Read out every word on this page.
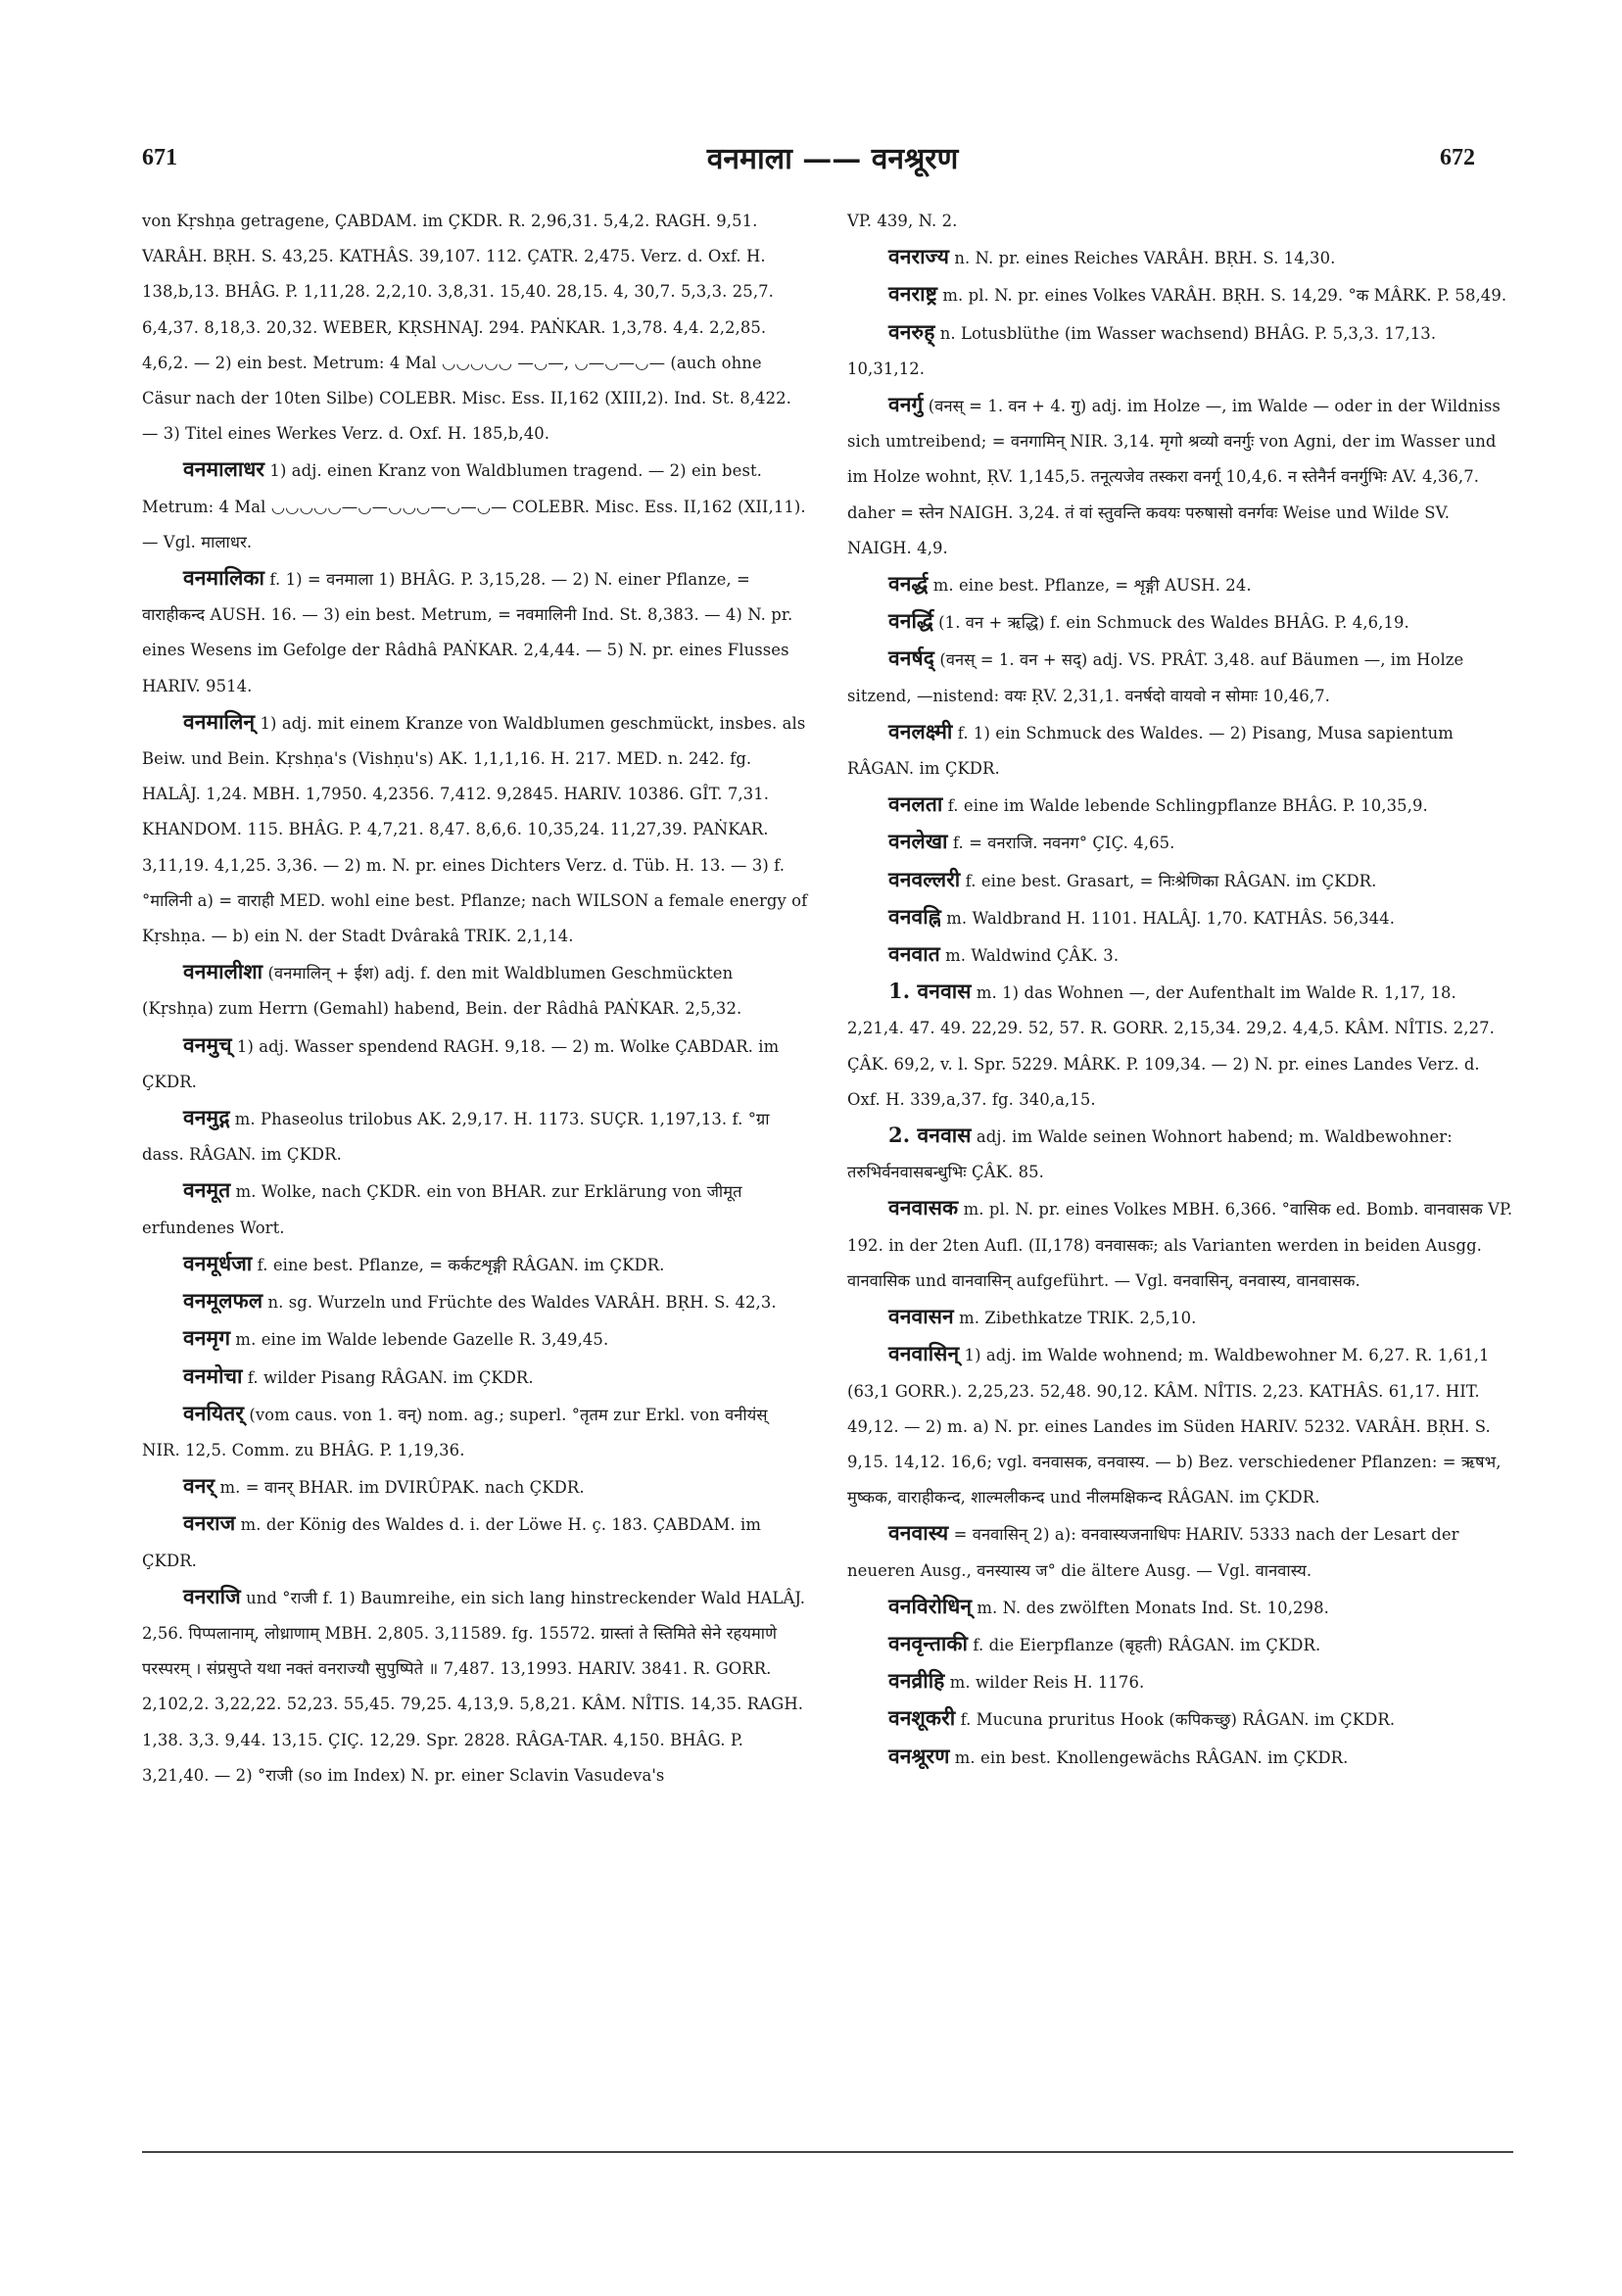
671	वनमाला —— वनश्रूरण	672

von Kṛshṇa getragene, ÇABDAM. im ÇKDR. R. 2,96,31. 5,4,2. RAGH. 9,51. VARÂH. BṚH. S. 43,25. KATHÂS. 39,107. 112. ÇATR. 2,475. Verz. d. Oxf. H. 138,b,13. BHÂG. P. 1,11,28. 2,2,10. 3,8,31. 15,40. 28,15. 4, 30,7. 5,3,3. 25,7. 6,4,37. 8,18,3. 20,32. WEBER, KṚSHNAJ. 294. PAṄKAR. 1,3,78. 4,4. 2,2,85. 4,6,2. — 2) ein best. Metrum: 4 Mal ◡◡◡◡◡ —◡—, ◡—◡—◡— (auch ohne Cäsur nach der 10ten Silbe) COLEBR. Misc. Ess. II,162 (XIII,2). Ind. St. 8,422. — 3) Titel eines Werkes Verz. d. Oxf. H. 185,b,40.

वनमालाधर 1) adj. einen Kranz von Waldblumen tragend. — 2) ein best. Metrum: 4 Mal ◡◡◡◡◡—◡—◡◡◡—◡—◡— COLEBR. Misc. Ess. II,162 (XII,11). — Vgl. मालाधर.

वनमालिका f. 1) = वनमाला 1) BHÂG. P. 3,15,28. — 2) N. einer Pflanze, = वाराहीकन्द AUSH. 16. — 3) ein best. Metrum, = नवमालिनी Ind. St. 8,383. — 4) N. pr. eines Wesens im Gefolge der Râdhâ PAṄKAR. 2,4,44. — 5) N. pr. eines Flusses HARIV. 9514.

वनमालिन् 1) adj. mit einem Kranze von Waldblumen geschmückt, insbes. als Beiw. und Bein. Kṛshṇa's (Vishṇu's) AK. 1,1,1,16. H. 217. MED. n. 242. fg. HALÂJ. 1,24. MBH. 1,7950. 4,2356. 7,412. 9,2845. HARIV. 10386. GÎT. 7,31. KHANDOM. 115. BHÂG. P. 4,7,21. 8,47. 8,6,6. 10,35,24. 11,27,39. PAṄKAR. 3,11,19. 4,1,25. 3,36. — 2) m. N. pr. eines Dichters Verz. d. Tüb. H. 13. — 3) f. °मालिनी a) = वाराही MED. wohl eine best. Pflanze; nach WILSON a female energy of Kṛshṇa. — b) ein N. der Stadt Dvârakâ TRIK. 2,1,14.

वनमालीशा (वनमालिन् + ईश) adj. f. den mit Waldblumen Geschmückten (Kṛshṇa) zum Herrn (Gemahl) habend, Bein. der Râdhâ PAṄKAR. 2,5,32.

वनमुच् 1) adj. Wasser spendend RAGH. 9,18. — 2) m. Wolke ÇABDAR. im ÇKDR.

वनमुद्ग m. Phaseolus trilobus AK. 2,9,17. H. 1173. SUÇR. 1,197,13. f. °ग्रा dass. RÂGAN. im ÇKDR.

वनमूत m. Wolke, nach ÇKDR. ein von BHAR. zur Erklärung von जीमूत erfundenes Wort.

वनमूर्धजा f. eine best. Pflanze, = कर्कटशृङ्गी RÂGAN. im ÇKDR.

वनमूलफल n. sg. Wurzeln und Früchte des Waldes VARÂH. BṚH. S. 42,3.

वनमृग m. eine im Walde lebende Gazelle R. 3,49,45.

वनमोचा f. wilder Pisang RÂGAN. im ÇKDR.

वनयितर् (vom caus. von 1. वन्) nom. ag.; superl. °तृतम zur Erkl. von वनीयंस् NIR. 12,5. Comm. zu BHÂG. P. 1,19,36.

वनर् m. = वानर् BHAR. im DVIRÛPAK. nach ÇKDR.

वनराज m. der König des Waldes d. i. der Löwe H. ç. 183. ÇABDAM. im ÇKDR.

वनराजि und °राजी f. 1) Baumreihe, ein sich lang hinstreckender Wald HALÂJ. 2,56. पिप्पलानाम्, लोध्राणाम् MBH. 2,805. 3,11589. fg. 15572. ग्रास्तां ते स्तिमिते सेने रहयमाणे परस्परम् । संप्रसुप्ते यथा नक्तं वनराज्यौ सुपुष्पिते ॥ 7,487. 13,1993. HARIV. 3841. R. GORR. 2,102,2. 3,22,22. 52,23. 55,45. 79,25. 4,13,9. 5,8,21. KÂM. NÎTIS. 14,35. RAGH. 1,38. 3,3. 9,44. 13,15. ÇIÇ. 12,29. Spr. 2828. RÂGA-TAR. 4,150. BHÂG. P. 3,21,40. — 2) °राजी (so im Index) N. pr. einer Sclavin Vasudeva's

VP. 439, N. 2.

वनराज्य n. N. pr. eines Reiches VARÂH. BṚH. S. 14,30.

वनराष्ट्र m. pl. N. pr. eines Volkes VARÂH. BṚH. S. 14,29. °क MÂRK. P. 58,49.

वनरुह् n. Lotusblüthe (im Wasser wachsend) BHÂG. P. 5,3,3. 17,13. 10,31,12.

वनर्गु (वनस् = 1. वन + 4. गु) adj. im Holze —, im Walde — oder in der Wildniss sich umtreibend; = वनगामिन् NIR. 3,14. मृगो श्रव्यो वनर्गुः von Agni, der im Wasser und im Holze wohnt, ṚV. 1,145,5. तनूत्यजेव तस्करा वनर्गू 10,4,6. न स्तेनैर्न वनर्गुभिः AV. 4,36,7. daher = स्तेन NAIGH. 3,24. तं वां स्तुवन्ति कवयः परुषासो वनर्गवः Weise und Wilde SV. NAIGH. 4,9.

वनर्द्ध m. eine best. Pflanze, = शृङ्गी AUSH. 24.

वनर्द्धि (1. वन + ऋद्धि) f. ein Schmuck des Waldes BHÂG. P. 4,6,19.

वनर्षद् (वनस् = 1. वन + सद्) adj. VS. PRÂT. 3,48. auf Bäumen —, im Holze sitzend, —nistend: वयः ṚV. 2,31,1. वनर्षदो वायवो न सोमाः 10,46,7.

वनलक्ष्मी f. 1) ein Schmuck des Waldes. — 2) Pisang, Musa sapientum RÂGAN. im ÇKDR.

वनलता f. eine im Walde lebende Schlingpflanze BHÂG. P. 10,35,9.

वनलेखा f. = वनराजि. नवनग° ÇIÇ. 4,65.

वनवल्लरी f. eine best. Grasart, = निःश्रेणिका RÂGAN. im ÇKDR.

वनवह्नि m. Waldbrand H. 1101. HALÂJ. 1,70. KATHÂS. 56,344.

वनवात m. Waldwind ÇÂK. 3.

1. वनवास m. 1) das Wohnen —, der Aufenthalt im Walde R. 1,17, 18. 2,21,4. 47. 49. 22,29. 52, 57. R. GORR. 2,15,34. 29,2. 4,4,5. KÂM. NÎTIS. 2,27. ÇÂK. 69,2, v. l. Spr. 5229. MÂRK. P. 109,34. — 2) N. pr. eines Landes Verz. d. Oxf. H. 339,a,37. fg. 340,a,15.

2. वनवास adj. im Walde seinen Wohnort habend; m. Waldbewohner: तरुभिर्वनवासबन्धुभिः ÇÂK. 85.

वनवासक m. pl. N. pr. eines Volkes MBH. 6,366. °वासिक ed. Bomb. वानवासक VP. 192. in der 2ten Aufl. (II,178) वनवासकः; als Varianten werden in beiden Ausgg. वानवासिक und वानवासिन् aufgeführt. — Vgl. वनवासिन्, वनवास्य, वानवासक.

वनवासन m. Zibethkatze TRIK. 2,5,10.

वनवासिन् 1) adj. im Walde wohnend; m. Waldbewohner M. 6,27. R. 1,61,1 (63,1 GORR.). 2,25,23. 52,48. 90,12. KÂM. NÎTIS. 2,23. KATHÂS. 61,17. HIT. 49,12. — 2) m. a) N. pr. eines Landes im Süden HARIV. 5232. VARÂH. BṚH. S. 9,15. 14,12. 16,6; vgl. वनवासक, वनवास्य. — b) Bez. verschiedener Pflanzen: = ऋषभ, मुष्कक, वाराहीकन्द, शाल्मलीकन्द und नीलमक्षिकन्द RÂGAN. im ÇKDR.

वनवास्य = वनवासिन् 2) a): वनवास्यजनाधिपः HARIV. 5333 nach der Lesart der neueren Ausg., वनस्यास्य ज° die ältere Ausg. — Vgl. वानवास्य.

वनविरोधिन् m. N. des zwölften Monats Ind. St. 10,298.

वनवृन्ताकी f. die Eierpflanze (बृहती) RÂGAN. im ÇKDR.

वनव्रीहि m. wilder Reis H. 1176.

वनशूकरी f. Mucuna pruritus Hook (कपिकच्छु) RÂGAN. im ÇKDR.

वनश्रूरण m. ein best. Knollengewächs RÂGAN. im ÇKDR.
